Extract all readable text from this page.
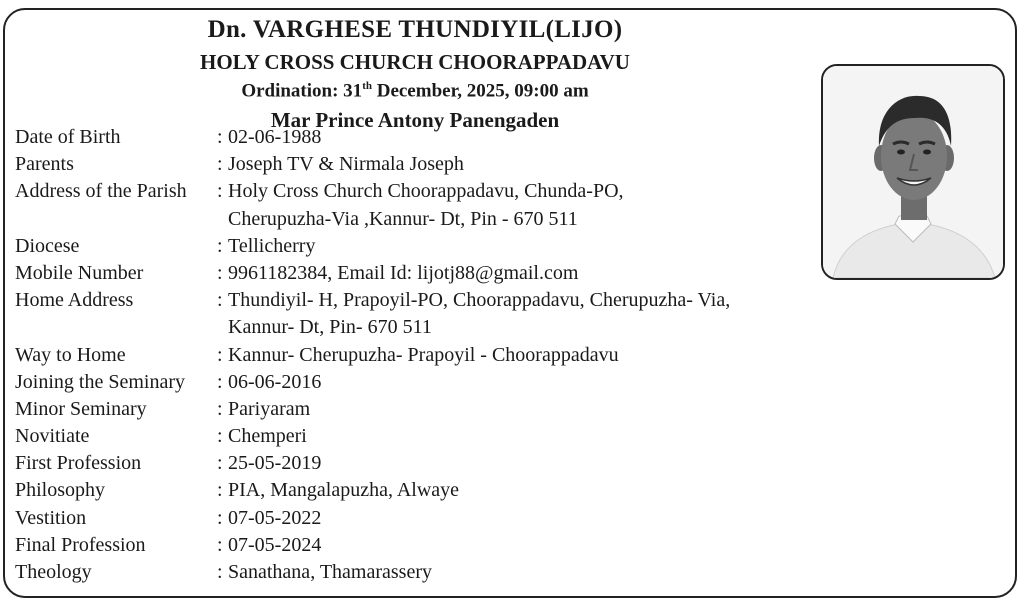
Dn. VARGHESE THUNDIYIL(LIJO)
HOLY CROSS CHURCH CHOORAPPADAVU
Ordination: 31th December, 2025, 09:00 am
Mar Prince Antony Panengaden
Date of Birth	: 02-06-1988
Parents	: Joseph TV & Nirmala Joseph
Address of the Parish : Holy Cross Church Choorappadavu, Chunda-PO,
Cherupuzha-Via ,Kannur- Dt, Pin - 670 511
Diocese	: Tellicherry
Mobile Number	: 9961182384, Email Id: lijotj88@gmail.com
Home Address	: Thundiyil- H, Prapoyil-PO, Choorappadavu, Cherupuzha- Via,
Kannur- Dt, Pin- 670 511
Way to Home	: Kannur- Cherupuzha- Prapoyil - Choorappadavu
Joining the Seminary : 06-06-2016
Minor Seminary	: Pariyaram
Novitiate	: Chemperi
First Profession	: 25-05-2019
Philosophy	: PIA, Mangalapuzha, Alwaye
Vestition	: 07-05-2022
Final Profession	: 07-05-2024
Theology	: Sanathana, Thamarassery
